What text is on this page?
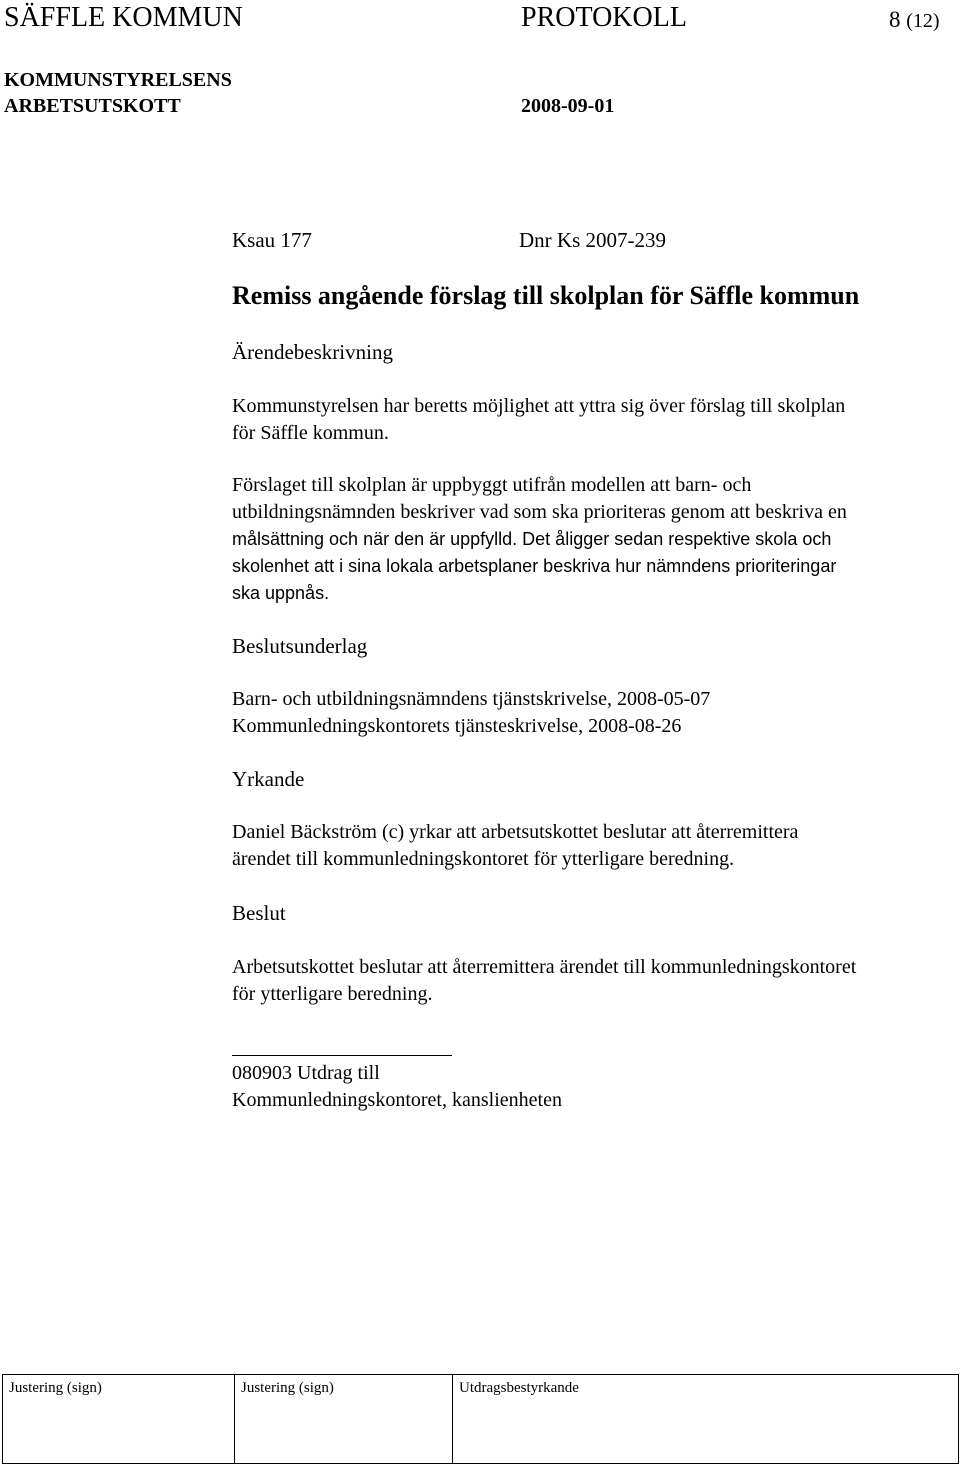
SÄFFLE KOMMUN	PROTOKOLL	8 (12)
KOMMUNSTYRELSENS
ARBETSUTSKOTT	2008-09-01
Ksau 177	Dnr Ks 2007-239
Remiss angående förslag till skolplan för Säffle kommun
Ärendebeskrivning
Kommunstyrelsen har beretts möjlighet att yttra sig över förslag till skolplan
för Säffle kommun.
Förslaget till skolplan är uppbyggt utifrån modellen att barn- och
utbildningsnämnden beskriver vad som ska prioriteras genom att beskriva en
målsättning och när den är uppfylld. Det åligger sedan respektive skola och
skolenhet att i sina lokala arbetsplaner beskriva hur nämndens prioriteringar
ska uppnås.
Beslutsunderlag
Barn- och utbildningsnämndens tjänstskrivelse, 2008-05-07
Kommunledningskontorets tjänsteskrivelse, 2008-08-26
Yrkande
Daniel Bäckström (c) yrkar att arbetsutskottet beslutar att återremittera
ärendet till kommunledningskontoret för ytterligare beredning.
Beslut
Arbetsutskottet beslutar att återremittera ärendet till kommunledningskontoret
för ytterligare beredning.
080903 Utdrag till
Kommunledningskontoret, kanslienheten
Justering (sign)	Justering (sign)	Utdragsbestyrkande
